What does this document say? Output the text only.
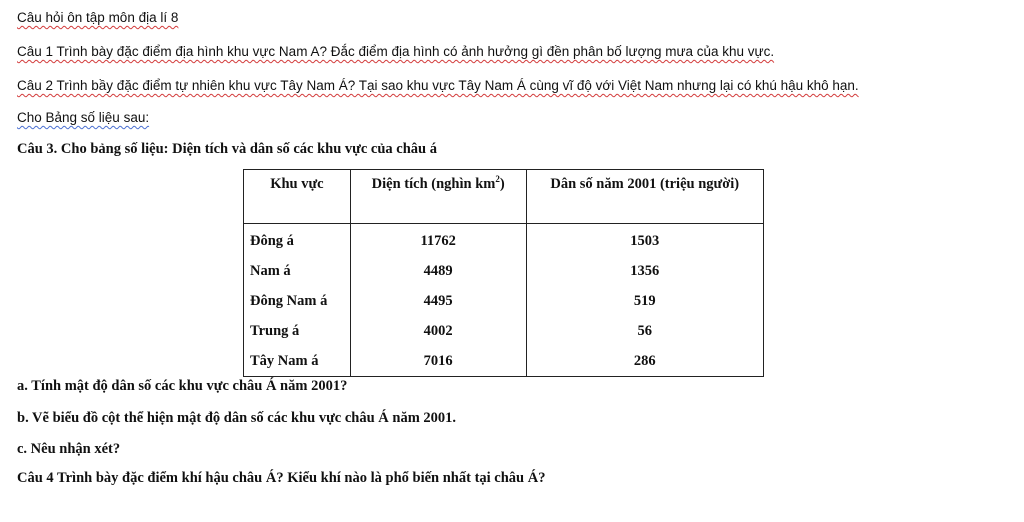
Câu hỏi ôn tập môn địa lí 8
Câu 1 Trình bày đặc điểm địa hình khu vực Nam A? Đắc điểm địa hình có ảnh hưởng gì đền phân bố lượng mưa của khu vực.
Câu 2 Trình bầy đặc điểm tự nhiên khu vực Tây Nam Á? Tại sao khu vực Tây Nam Á cùng vĩ độ với Việt Nam nhưng lại có khú hậu khô hạn.
Cho Bảng số liệu sau:
Câu 3. Cho bảng số liệu: Diện tích và dân số các khu vực của châu á
Khu vực	Diện tích (nghìn $km^2$)	Dân số năm 2001 (triệu người)
Đông á	11762	1503
Nam á	4489	1356
Đông Nam á	4495	519
Trung á	4002	56
Tây Nam á	7016	286
a. Tính mật độ dân số các khu vực châu Á năm 2001?
b. Vẽ biểu đồ cột thể hiện mật độ dân số các khu vực châu Á năm 2001.
c. Nêu nhận xét?
Câu 4 Trình bày đặc điểm khí hậu châu Á? Kiểu khí nào là phổ biến nhất tại châu Á?
